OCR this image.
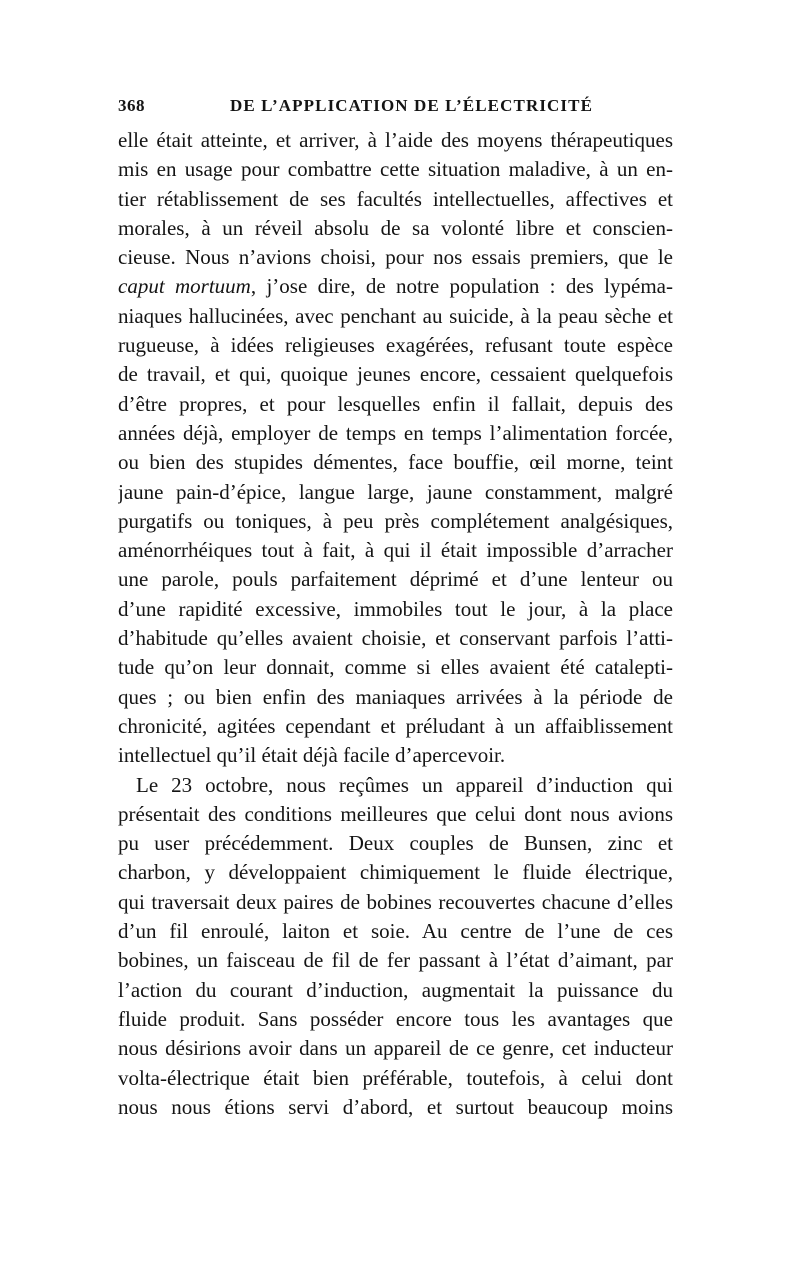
368	DE L’APPLICATION DE L’ÉLECTRICITÉ
elle était atteinte, et arriver, à l’aide des moyens thérapeutiques
mis en usage pour combattre cette situation maladive, à un en-
tier rétablissement de ses facultés intellectuelles, affectives et
morales, à un réveil absolu de sa volonté libre et conscien-
cieuse. Nous n’avions choisi, pour nos essais premiers, que le
caput mortuum, j’ose dire, de notre population : des lypéma-
niaques hallucinées, avec penchant au suicide, à la peau sèche et
rugueuse, à idées religieuses exagérées, refusant toute espèce
de travail, et qui, quoique jeunes encore, cessaient quelquefois
d’être propres, et pour lesquelles enfin il fallait, depuis des
années déjà, employer de temps en temps l’alimentation forcée,
ou bien des stupides démentes, face bouffie, œil morne, teint
jaune pain-d’épice, langue large, jaune constamment, malgré
purgatifs ou toniques, à peu près complétement analgésiques,
aménorrhéiques tout à fait, à qui il était impossible d’arracher
une parole, pouls parfaitement déprimé et d’une lenteur ou
d’une rapidité excessive, immobiles tout le jour, à la place
d’habitude qu’elles avaient choisie, et conservant parfois l’atti-
tude qu’on leur donnait, comme si elles avaient été catalepti-
ques ; ou bien enfin des maniaques arrivées à la période de
chronicité, agitées cependant et préludant à un affaiblissement
intellectuel qu’il était déjà facile d’apercevoir.
Le 23 octobre, nous reçûmes un appareil d’induction qui
présentait des conditions meilleures que celui dont nous avions
pu user précédemment. Deux couples de Bunsen, zinc et
charbon, y développaient chimiquement le fluide électrique,
qui traversait deux paires de bobines recouvertes chacune d’elles
d’un fil enroulé, laiton et soie. Au centre de l’une de ces
bobines, un faisceau de fil de fer passant à l’état d’aimant, par
l’action du courant d’induction, augmentait la puissance du
fluide produit. Sans posséder encore tous les avantages que
nous désirions avoir dans un appareil de ce genre, cet inducteur
volta-électrique était bien préférable, toutefois, à celui dont
nous nous étions servi d’abord, et surtout beaucoup moins
